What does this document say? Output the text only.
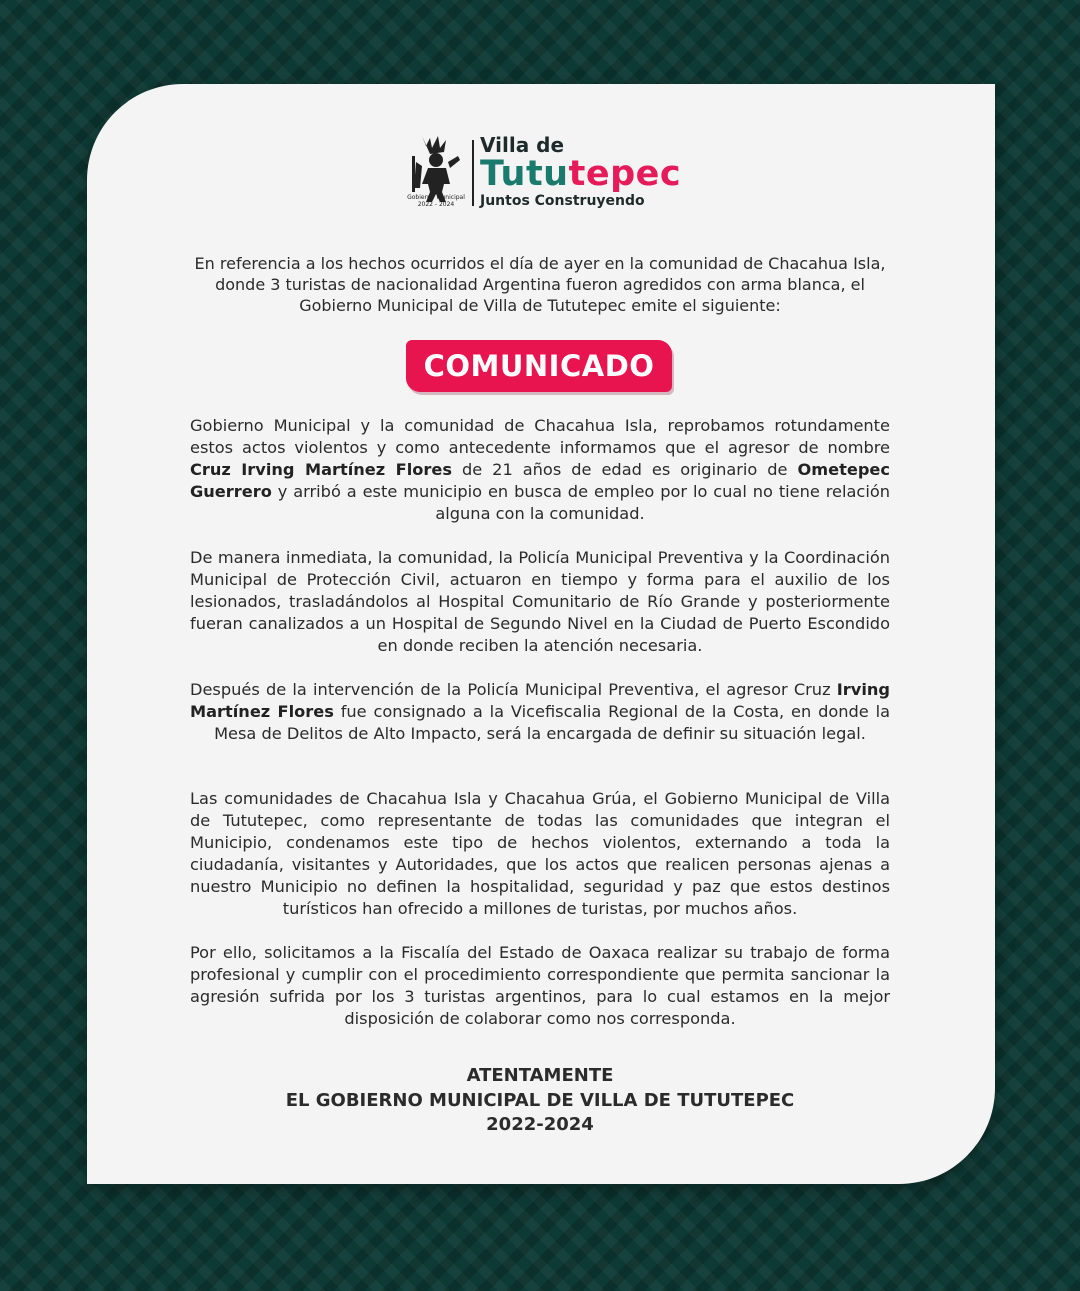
Gobierno Municipal
2022 - 2024
Villa de
Tututepec
Juntos Construyendo
En referencia a los hechos ocurridos el día de ayer en la comunidad de Chacahua Isla, donde 3 turistas de nacionalidad Argentina fueron agredidos con arma blanca, el Gobierno Municipal de Villa de Tututepec emite el siguiente:
COMUNICADO
Gobierno Municipal y la comunidad de Chacahua Isla, reprobamos rotundamente estos actos violentos y como antecedente informamos que el agresor de nombre Cruz Irving Martínez Flores de 21 años de edad es originario de Ometepec Guerrero y arribó a este municipio en busca de empleo por lo cual no tiene relación alguna con la comunidad.
De manera inmediata, la comunidad, la Policía Municipal Preventiva y la Coordinación Municipal de Protección Civil, actuaron en tiempo y forma para el auxilio de los lesionados, trasladándolos al Hospital Comunitario de Río Grande y posteriormente fueran canalizados a un Hospital de Segundo Nivel en la Ciudad de Puerto Escondido en donde reciben la atención necesaria.
Después de la intervención de la Policía Municipal Preventiva, el agresor Cruz Irving Martínez Flores fue consignado a la Vicefiscalia Regional de la Costa, en donde la Mesa de Delitos de Alto Impacto, será la encargada de definir su situación legal.
Las comunidades de Chacahua Isla y Chacahua Grúa, el Gobierno Municipal de Villa de Tututepec, como representante de todas las comunidades que integran el Municipio, condenamos este tipo de hechos violentos, externando a toda la ciudadanía, visitantes y Autoridades, que los actos que realicen personas ajenas a nuestro Municipio no definen la hospitalidad, seguridad y paz que estos destinos turísticos han ofrecido a millones de turistas, por muchos años.
Por ello, solicitamos a la Fiscalía del Estado de Oaxaca realizar su trabajo de forma profesional y cumplir con el procedimiento correspondiente que permita sancionar la agresión sufrida por los 3 turistas argentinos, para lo cual estamos en la mejor disposición de colaborar como nos corresponda.
ATENTAMENTE
EL GOBIERNO MUNICIPAL DE VILLA DE TUTUTEPEC
2022-2024
